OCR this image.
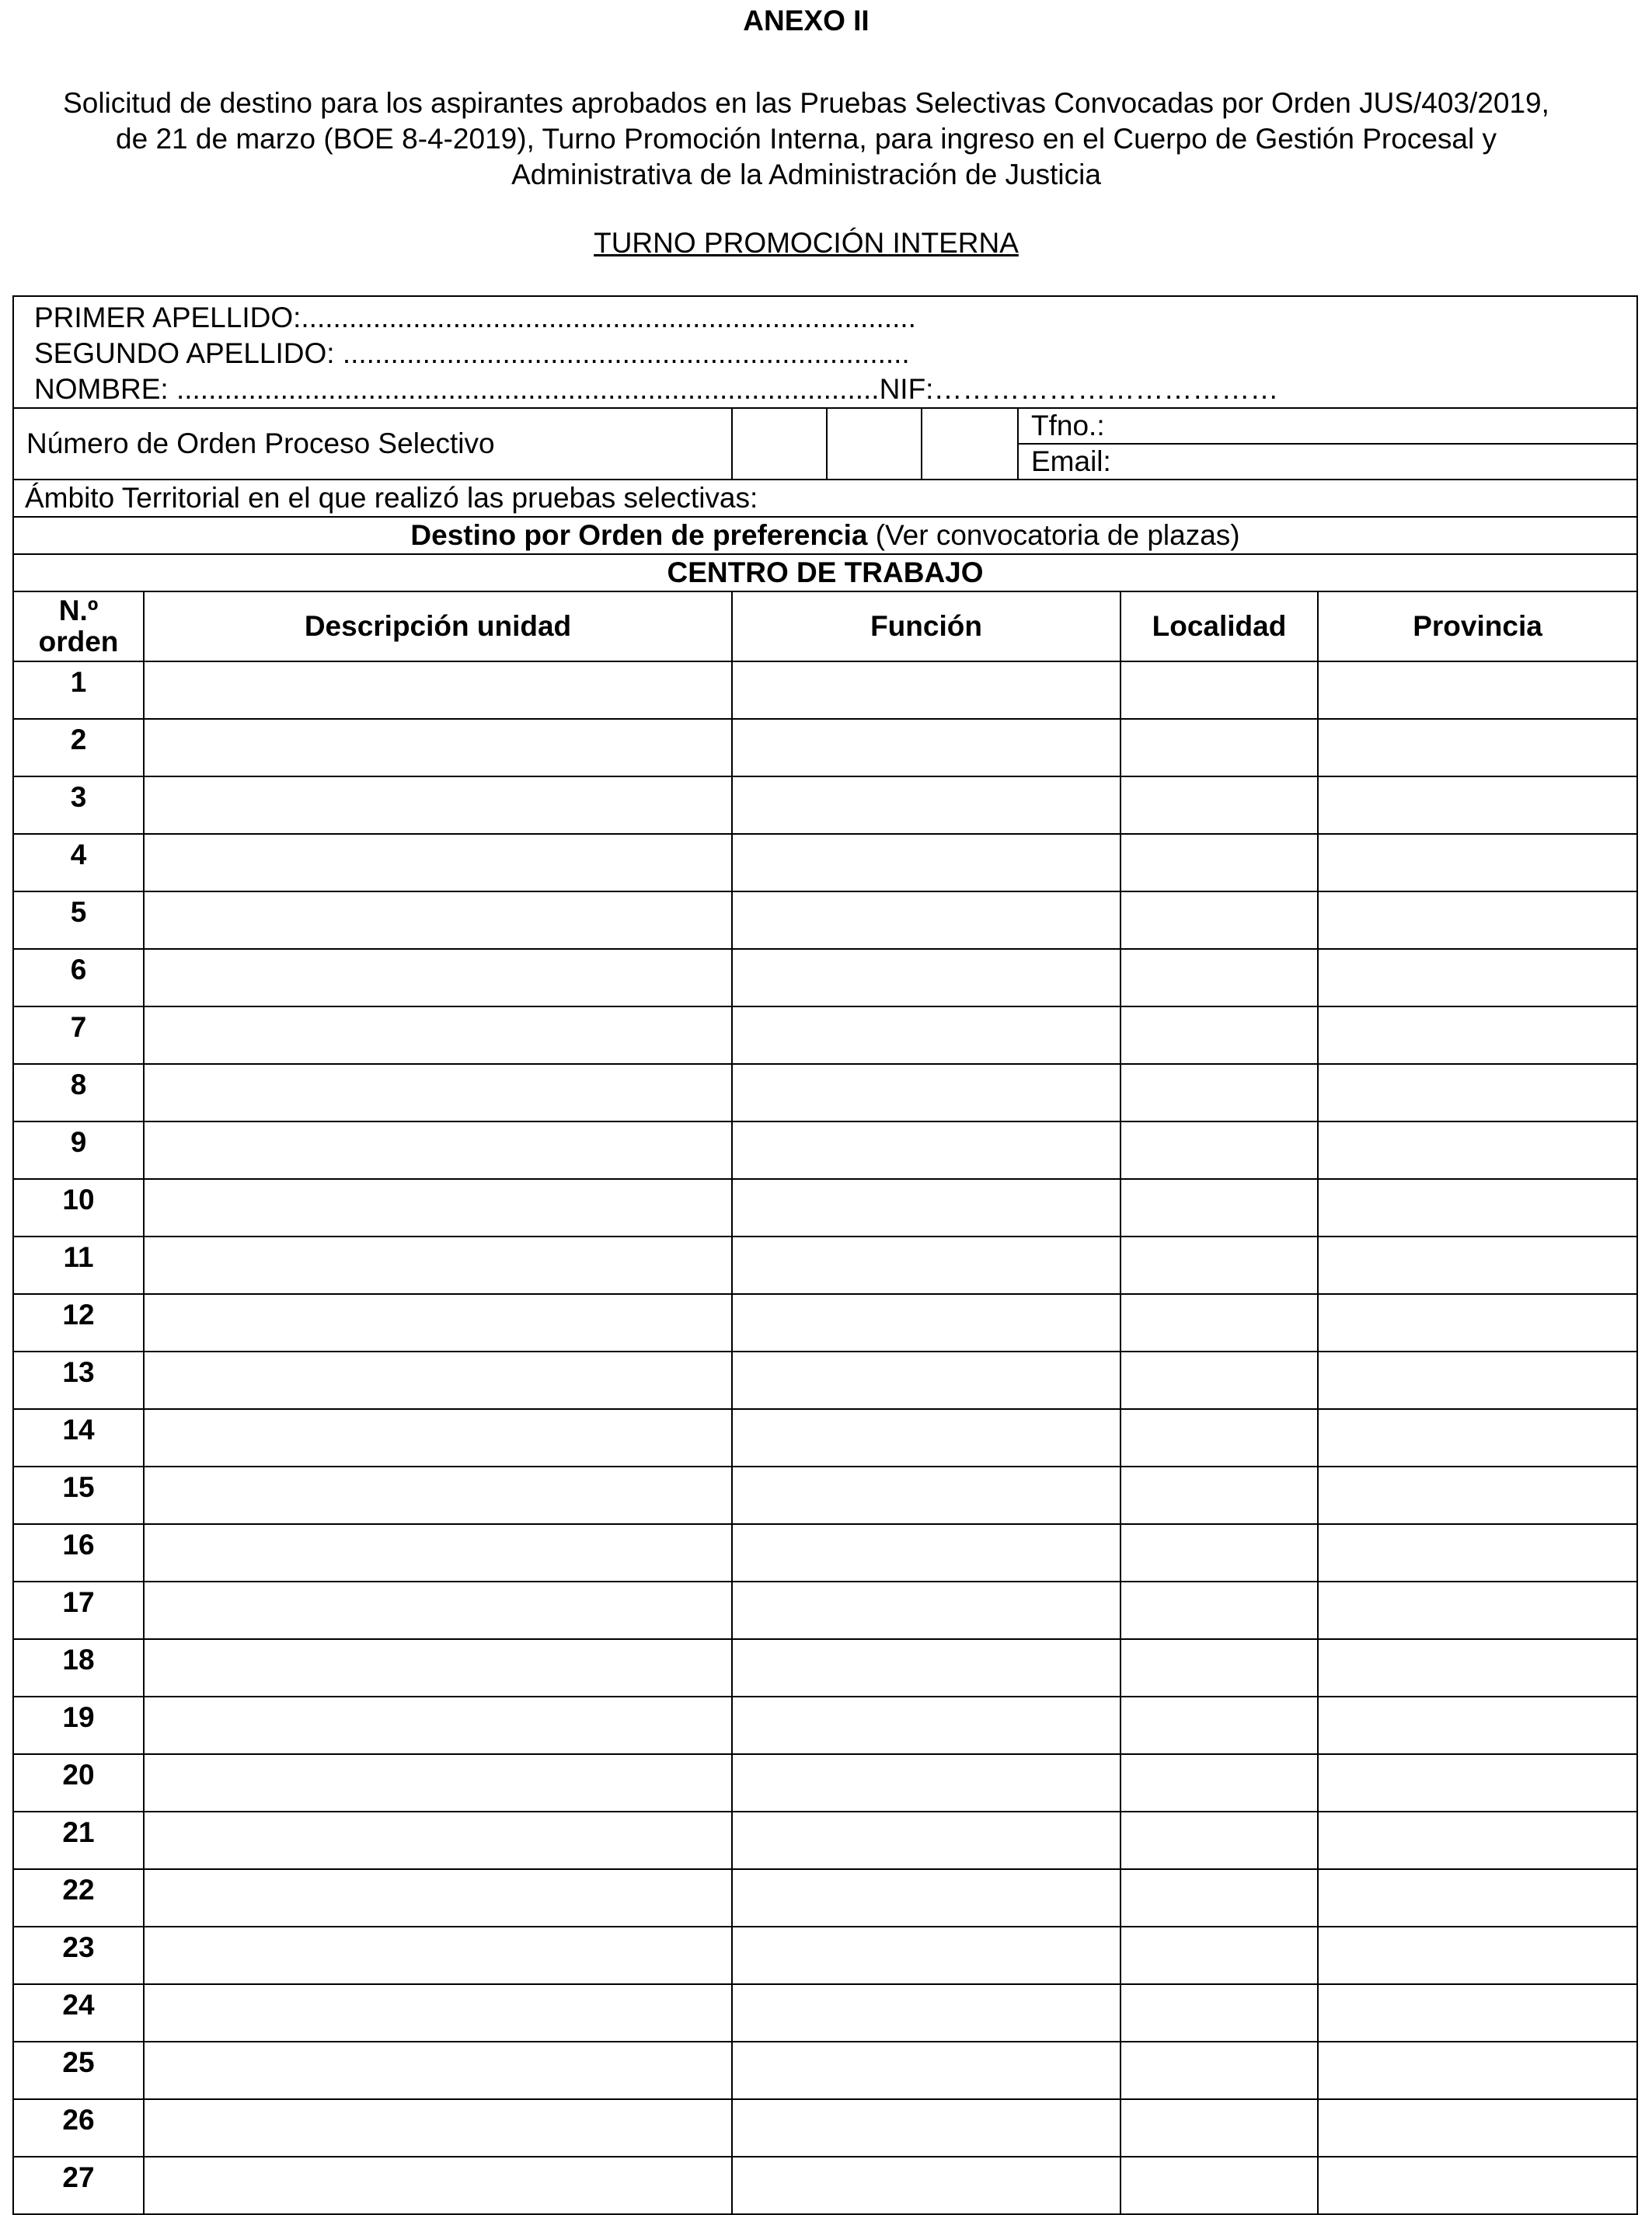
ANEXO II
Solicitud de destino para los aspirantes aprobados en las Pruebas Selectivas Convocadas por Orden JUS/403/2019,
de 21 de marzo (BOE 8-4-2019), Turno Promoción Interna, para ingreso en el Cuerpo de Gestión Procesal y
Administrativa de la Administración de Justicia
TURNO PROMOCIÓN INTERNA
PRIMER APELLIDO:.............................................................................
SEGUNDO APELLIDO: .......................................................................
NOMBRE: ........................................................................................NIF:………………………………							

Número de Orden Proceso Selectivo					Tfno.:		
					Email:		
Ámbito Territorial en el que realizó las pruebas selectivas:							
Destino por Orden de preferencia (Ver convocatoria de plazas)							
CENTRO DE TRABAJO							

N.º
orden	Descripción unidad	Función				Localidad	Provincia
1							
2							
3							
4							
5							
6							
7							
8							
9							
10							
11							
12							
13							
14							
15							
16							
17							
18							
19							
20							
21							
22							
23							
24							
25							
26							
27							
